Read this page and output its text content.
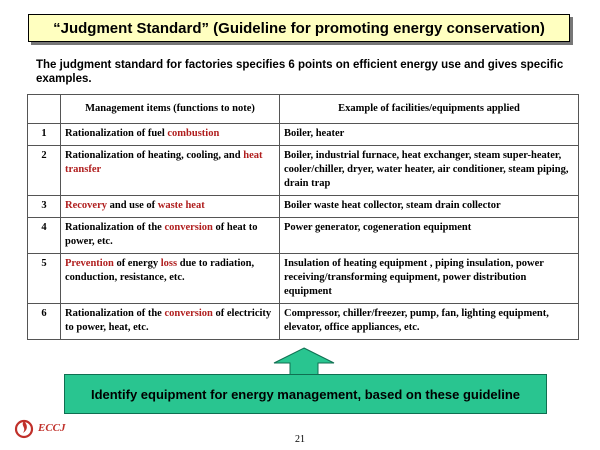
“Judgment Standard” (Guideline for promoting energy conservation)
The judgment standard for factories specifies 6 points on efficient energy use and gives specific examples.
	Management items (functions to note)	Example of facilities/equipments applied
1	Rationalization of fuel combustion	Boiler, heater
2	Rationalization of heating, cooling, and heat transfer	Boiler, industrial furnace, heat exchanger, steam super-heater, cooler/chiller, dryer, water heater, air conditioner, steam piping, drain trap
3	Recovery and use of waste heat	Boiler waste heat collector, steam drain collector
4	Rationalization of the conversion of heat to power, etc.	Power generator, cogeneration equipment
5	Prevention of energy loss due to radiation, conduction, resistance, etc.	Insulation of heating equipment , piping insulation, power receiving/transforming equipment, power distribution equipment
6	Rationalization of the conversion of electricity to power, heat, etc.	Compressor, chiller/freezer, pump, fan, lighting equipment, elevator, office appliances, etc.
Identify equipment for energy management, based on these guideline
ECCJ
21
